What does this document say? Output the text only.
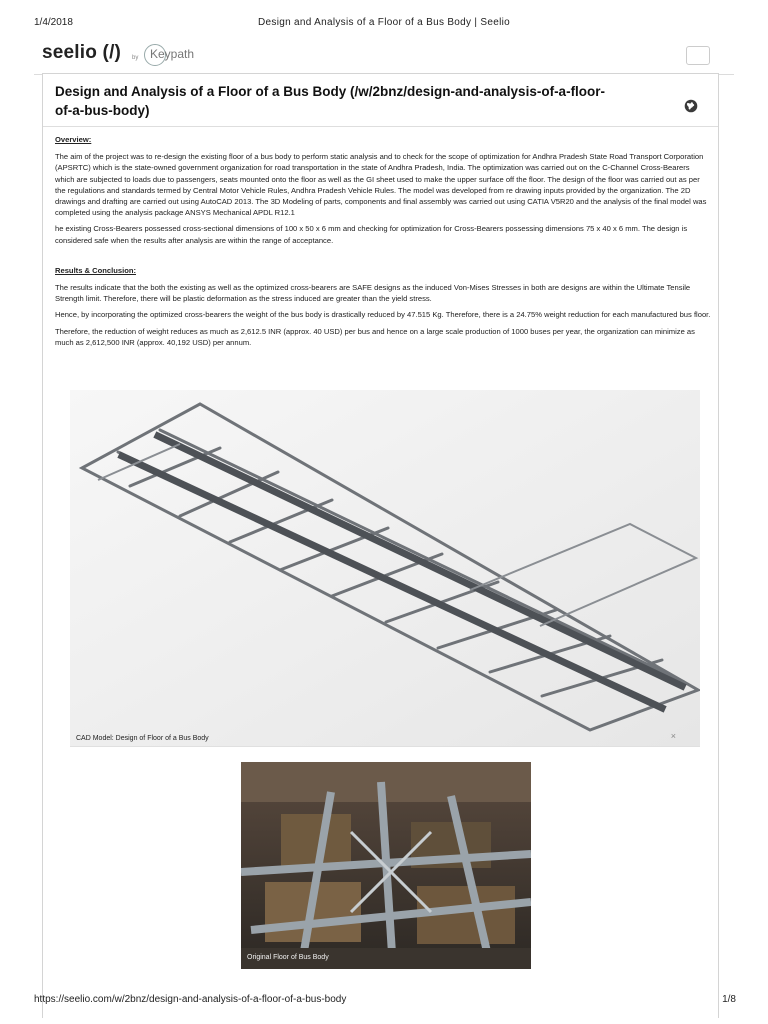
1/4/2018	Design and Analysis of a Floor of a Bus Body | Seelio
seelio (/) by Keypath
Design and Analysis of a Floor of a Bus Body (/w/2bnz/design-and-analysis-of-a-floor-of-a-bus-body)
Overview:

The aim of the project was to re-design the existing floor of a bus body to perform static analysis and to check for the scope of optimization for Andhra Pradesh State Road Transport Corporation (APSRTC) which is the state-owned government organization for road transportation in the state of Andhra Pradesh, India. The optimization was carried out on the C-Channel Cross-Bearers which are subjected to loads due to passengers, seats mounted onto the floor as well as the GI sheet used to make the upper surface off the floor. The design of the floor was carried out as per the regulations and standards termed by Central Motor Vehicle Rules, Andhra Pradesh Vehicle Rules. The model was developed from re drawing inputs provided by the organization. The 2D drawings and drafting are carried out using AutoCAD 2013. The 3D Modeling of parts, components and final assembly was carried out using CATIA V5R20 and the analysis of the final model was completed using the analysis package ANSYS Mechanical APDL R12.1

he existing Cross-Bearers possessed cross-sectional dimensions of 100 x 50 x 6 mm and checking for optimization for Cross-Bearers possessing dimensions 75 x 40 x 6 mm. The design is considered safe when the results after analysis are within the range of acceptance.

Results & Conclusion:

The results indicate that the both the existing as well as the optimized cross-bearers are SAFE designs as the induced Von-Mises Stresses in both are designs are within the Ultimate Tensile Strength limit. Therefore, there will be plastic deformation as the stress induced are greater than the yield stress.

Hence, by incorporating the optimized cross-bearers the weight of the bus body is drastically reduced by 47.515 Kg. Therefore, there is a 24.75% weight reduction for each manufactured bus floor.

Therefore, the reduction of weight reduces as much as 2,612.5 INR (approx. 40 USD) per bus and hence on a large scale production of 1000 buses per year, the organization can minimize as much as 2,612,500 INR (approx. 40,192 USD) per annum.

CAD Model: Design of Floor of a Bus Body	×
Original Floor of Bus Body
https://seelio.com/w/2bnz/design-and-analysis-of-a-floor-of-a-bus-body	1/8
